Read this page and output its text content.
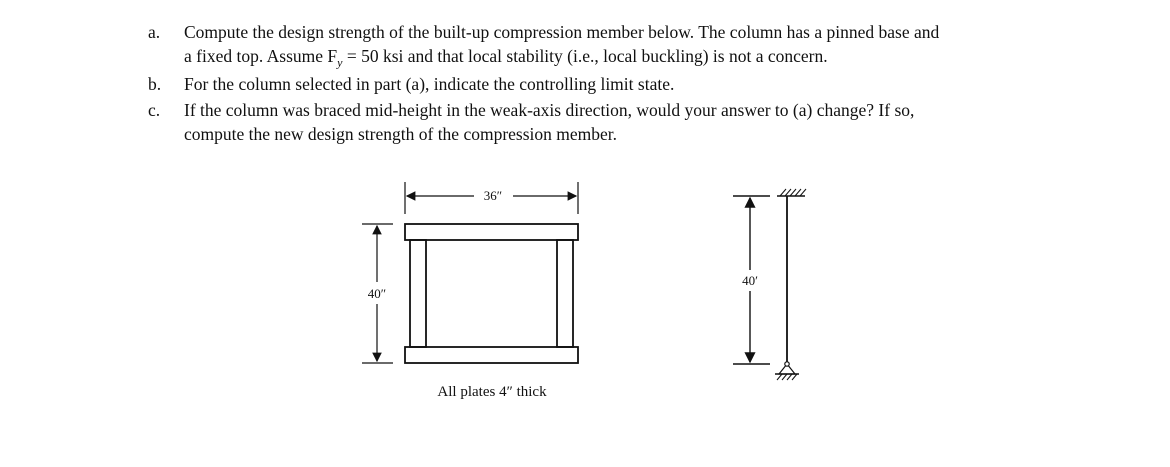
a. Compute the design strength of the built-up compression member below. The column has a pinned base and
a fixed top. Assume $F_y = 50$ ksi and that local stability (i.e., local buckling) is not a concern.
b. For the column selected in part (a), indicate the controlling limit state.
c. If the column was braced mid-height in the weak-axis direction, would your answer to (a) change? If so,
compute the new design strength of the compression member.
36″
40″
All plates 4″ thick
40′
